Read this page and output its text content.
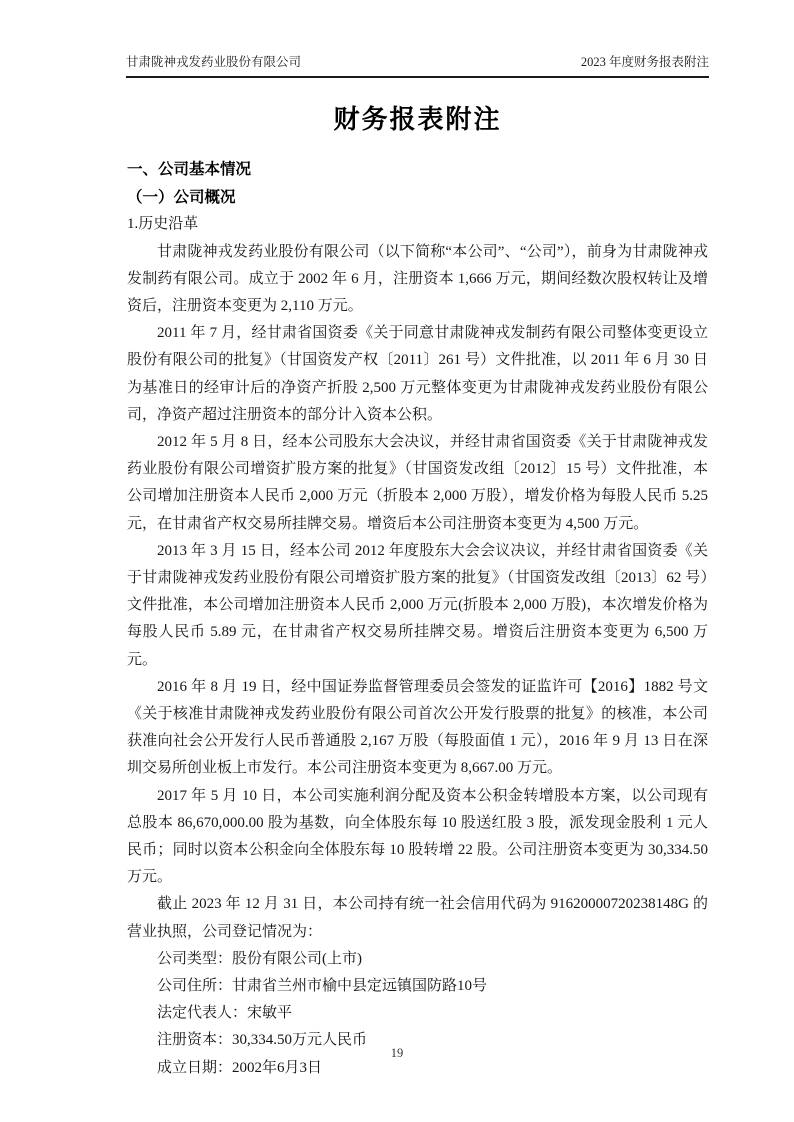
甘肃陇神戎发药业股份有限公司	2023 年度财务报表附注
财务报表附注
一、公司基本情况
（一）公司概况
1.历史沿革

甘肃陇神戎发药业股份有限公司（以下简称“本公司”、“公司”），前身为甘肃陇神戎发制药有限公司。成立于 2002 年 6 月，注册资本 1,666 万元，期间经数次股权转让及增资后，注册资本变更为 2,110 万元。

2011 年 7 月，经甘肃省国资委《关于同意甘肃陇神戎发制药有限公司整体变更设立股份有限公司的批复》（甘国资发产权〔2011〕261 号）文件批准，以 2011 年 6 月 30 日为基准日的经审计后的净资产折股 2,500 万元整体变更为甘肃陇神戎发药业股份有限公司，净资产超过注册资本的部分计入资本公积。

2012 年 5 月 8 日，经本公司股东大会决议，并经甘肃省国资委《关于甘肃陇神戎发药业股份有限公司增资扩股方案的批复》（甘国资发改组〔2012〕15 号）文件批准，本公司增加注册资本人民币 2,000 万元（折股本 2,000 万股），增发价格为每股人民币 5.25 元，在甘肃省产权交易所挂牌交易。增资后本公司注册资本变更为 4,500 万元。

2013 年 3 月 15 日，经本公司 2012 年度股东大会会议决议，并经甘肃省国资委《关于甘肃陇神戎发药业股份有限公司增资扩股方案的批复》（甘国资发改组〔2013〕62 号）文件批准，本公司增加注册资本人民币 2,000 万元(折股本 2,000 万股)，本次增发价格为每股人民币 5.89 元，在甘肃省产权交易所挂牌交易。增资后注册资本变更为 6,500 万元。

2016 年 8 月 19 日，经中国证券监督管理委员会签发的证监许可【2016】1882 号文《关于核准甘肃陇神戎发药业股份有限公司首次公开发行股票的批复》的核准，本公司获准向社会公开发行人民币普通股 2,167 万股（每股面值 1 元），2016 年 9 月 13 日在深圳交易所创业板上市发行。本公司注册资本变更为 8,667.00 万元。

2017 年 5 月 10 日，本公司实施利润分配及资本公积金转增股本方案，以公司现有总股本 86,670,000.00 股为基数，向全体股东每 10 股送红股 3 股，派发现金股利 1 元人民币；同时以资本公积金向全体股东每 10 股转增 22 股。公司注册资本变更为 30,334.50 万元。

截止 2023 年 12 月 31 日，本公司持有统一社会信用代码为 91620000720238148G 的营业执照，公司登记情况为：

公司类型：股份有限公司(上市)

公司住所：甘肃省兰州市榆中县定远镇国防路10号

法定代表人：宋敏平

注册资本：30,334.50万元人民币

成立日期：2002年6月3日

19
